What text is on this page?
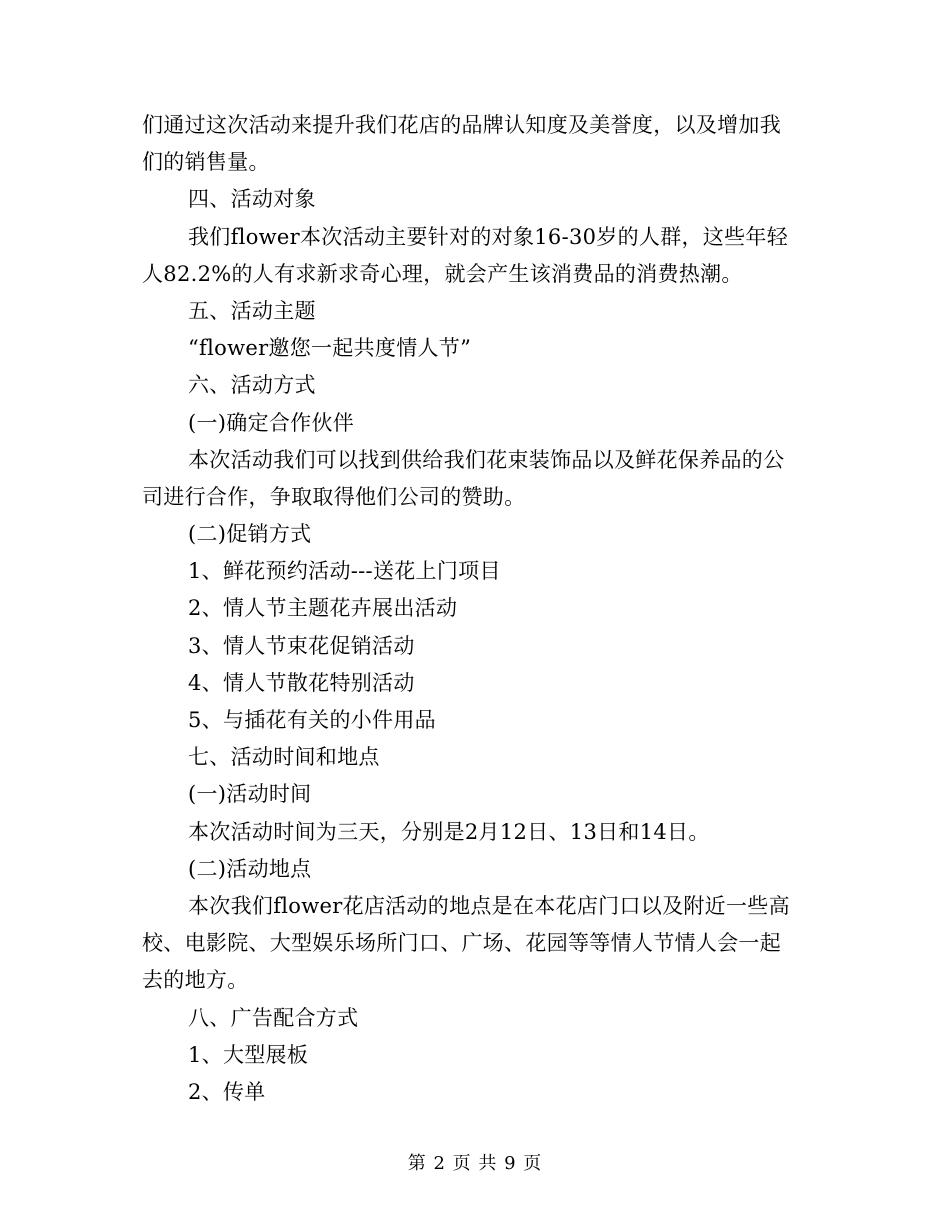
们通过这次活动来提升我们花店的品牌认知度及美誉度，以及增加我
们的销售量。
四、活动对象
我们flower本次活动主要针对的对象16-30岁的人群，这些年轻
人82.2%的人有求新求奇心理，就会产生该消费品的消费热潮。
五、活动主题
“flower邀您一起共度情人节”
六、活动方式
(一)确定合作伙伴
本次活动我们可以找到供给我们花束装饰品以及鲜花保养品的公
司进行合作，争取取得他们公司的赞助。
(二)促销方式
1、鲜花预约活动---送花上门项目
2、情人节主题花卉展出活动
3、情人节束花促销活动
4、情人节散花特别活动
5、与插花有关的小件用品
七、活动时间和地点
(一)活动时间
本次活动时间为三天，分别是2月12日、13日和14日。
(二)活动地点
本次我们flower花店活动的地点是在本花店门口以及附近一些高
校、电影院、大型娱乐场所门口、广场、花园等等情人节情人会一起
去的地方。
八、广告配合方式
1、大型展板
2、传单
第 2 页 共 9 页
